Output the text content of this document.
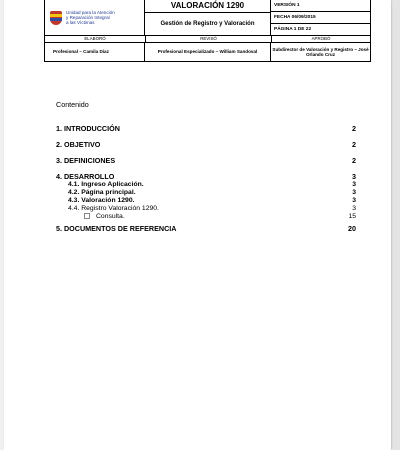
Unidad para la Atención
y Reparación Integral
a las Víctimas
VALORACIÓN 1290
Gestión de Registro y Valoración
VERSIÓN 1
FECHA 06/09/2015
PÁGINA 1 DE 22
ELABORÓ	REVISÓ	APROBÓ
Profesional – Camila Díaz	Profesional Especializado – William Sandoval
Subdirector de Valoración y Registro – José Orlando Cruz
Contenido
1. INTRODUCCIÓN	2
2. OBJETIVO	2
3. DEFINICIONES	2
4. DESARROLLO	3
4.1. Ingreso Aplicación.	3
4.2. Página principal.	3
4.3. Valoración 1290.	3
4.4. Registro Valoración 1290.	3
Consulta.	15
5. DOCUMENTOS DE REFERENCIA	20
